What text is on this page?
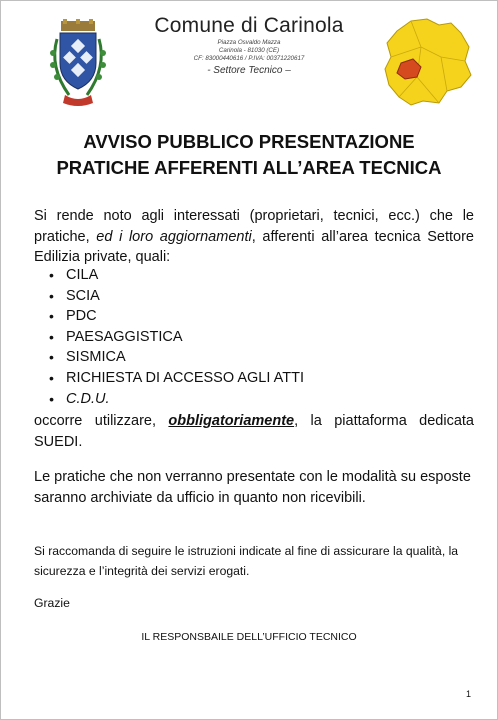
Comune di Carinola
Piazza Osvaldo Mazza
Carinola - 81030 (CE)
CF: 83000440616 / P.IVA: 00371220617
- Settore Tecnico –
AVVISO PUBBLICO PRESENTAZIONE
PRATICHE AFFERENTI ALL’AREA TECNICA
Si rende noto agli interessati (proprietari, tecnici, ecc.) che le pratiche, ed i loro aggiornamenti, afferenti all’area tecnica Settore Edilizia private, quali:
• CILA
• SCIA
• PDC
• PAESAGGISTICA
• SISMICA
• RICHIESTA DI ACCESSO AGLI ATTI
• C.D.U.
occorre utilizzare, obbligatoriamente, la piattaforma dedicata SUEDI.
Le pratiche che non verranno presentate con le modalità su esposte saranno archiviate da ufficio in quanto non ricevibili.
Si raccomanda di seguire le istruzioni indicate al fine di assicurare la qualità, la sicurezza e l’integrità dei servizi erogati.
Grazie
IL RESPONSBAILE DELL’UFFICIO TECNICO
1
